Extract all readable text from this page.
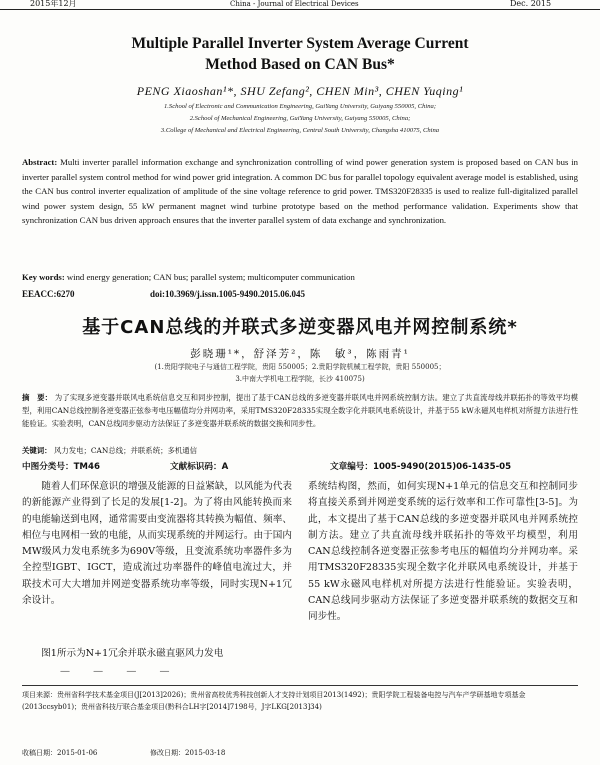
2015年12月	China - Journal of Electrical Devices	Dec. 2015
Multiple Parallel Inverter System Average Current
Method Based on CAN Bus*
PENG Xiaoshan¹*, SHU Zefang², CHEN Min³, CHEN Yuqing¹
1.School of Electronic and Communication Engineering, GuiYang University, Guiyang 550005, China;
2.School of Mechanical Engineering, GuiYang University, Guiyang 550005, China;
3.College of Mechanical and Electrical Engineering, Central South University, Changsha 410075, China
Abstract: Multi inverter parallel information exchange and synchronization controlling of wind power generation system is proposed based on CAN bus in inverter parallel system control method for wind power grid integration. A common DC bus for parallel topology equivalent average model is established, using the CAN bus control inverter equalization of amplitude of the sine voltage reference to grid power. TMS320F28335 is used to realize full-digitalized parallel wind power system design, 55 kW permanent magnet wind turbine prototype based on the method performance validation. Experiments show that synchronization CAN bus driven approach ensures that the inverter parallel system of data exchange and synchronization.
Key words: wind energy generation; CAN bus; parallel system; multicomputer communication
EEACC:6270	doi:10.3969/j.issn.1005-9490.2015.06.045
基于CAN总线的并联式多逆变器风电并网控制系统*
彭晓珊¹*，舒泽芳²，陈　敏³，陈雨青¹
(1.贵阳学院电子与通信工程学院，贵阳 550005；2.贵阳学院机械工程学院，贵阳 550005；
3.中南大学机电工程学院，长沙 410075)
摘　要： 为了实现多逆变器并联风电系统信息交互和同步控制，提出了基于CAN总线的多逆变器并联风电并网系统控制方法。建立了共直流母线并联拓扑的等效平均模型，利用CAN总线控制各逆变器正弦参考电压幅值均分并网功率，采用TMS320F28335实现全数字化并联风电系统设计，并基于55 kW永磁风电样机对所提方法进行性能验证。实验表明，CAN总线同步驱动方法保证了多逆变器并联系统的数据交换和同步性。
关键词： 风力发电；CAN总线；并联系统；多机通信
中图分类号：TM46	文献标识码：A	文章编号：1005-9490(2015)06-1435-05
　　随着人们环保意识的增强及能源的日益紧缺，以风能为代表的新能源产业得到了长足的发展[1-2]。为了将由风能转换而来的电能输送到电网，通常需要由变流器将其转换为幅值、频率、相位与电网相一致的电能，从而实现系统的并网运行。由于国内MW级风力发电系统多为690V等级，且变流系统功率器件多为全控型IGBT、IGCT，造成流过功率器件的峰值电流过大，并联技术可大大增加并网逆变器系统功率等级，同时实现N+1冗余设计。
　　图1所示为N+1冗余并联永磁直驱风力发电
— — — —
系统结构图，然而，如何实现N+1单元的信息交互和控制同步将直接关系到并网逆变系统的运行效率和工作可靠性[3-5]。为此，本文提出了基于CAN总线的多逆变器并联风电并网系统控制方法。建立了共直流母线并联拓扑的等效平均模型，利用CAN总线控制各逆变器正弦参考电压的幅值均分并网功率。采用TMS320F28335实现全数字化并联风电系统设计，并基于55 kW永磁风电样机对所提方法进行性能验证。实验表明，CAN总线同步驱动方法保证了多逆变器并联系统的数据交互和同步性。
项目来源：贵州省科学技术基金项目(J[2013]2026)；贵州省高校优秀科技创新人才支持计划项目2013(1492)；贵阳学院工程装备电控与汽车产学研基地专项基金(2013ccsyb01)；贵州省科技厅联合基金项目(黔科合LH字[2014]7198号，J字LKG[2013]34)
收稿日期：2015-01-06	修改日期：2015-03-18
